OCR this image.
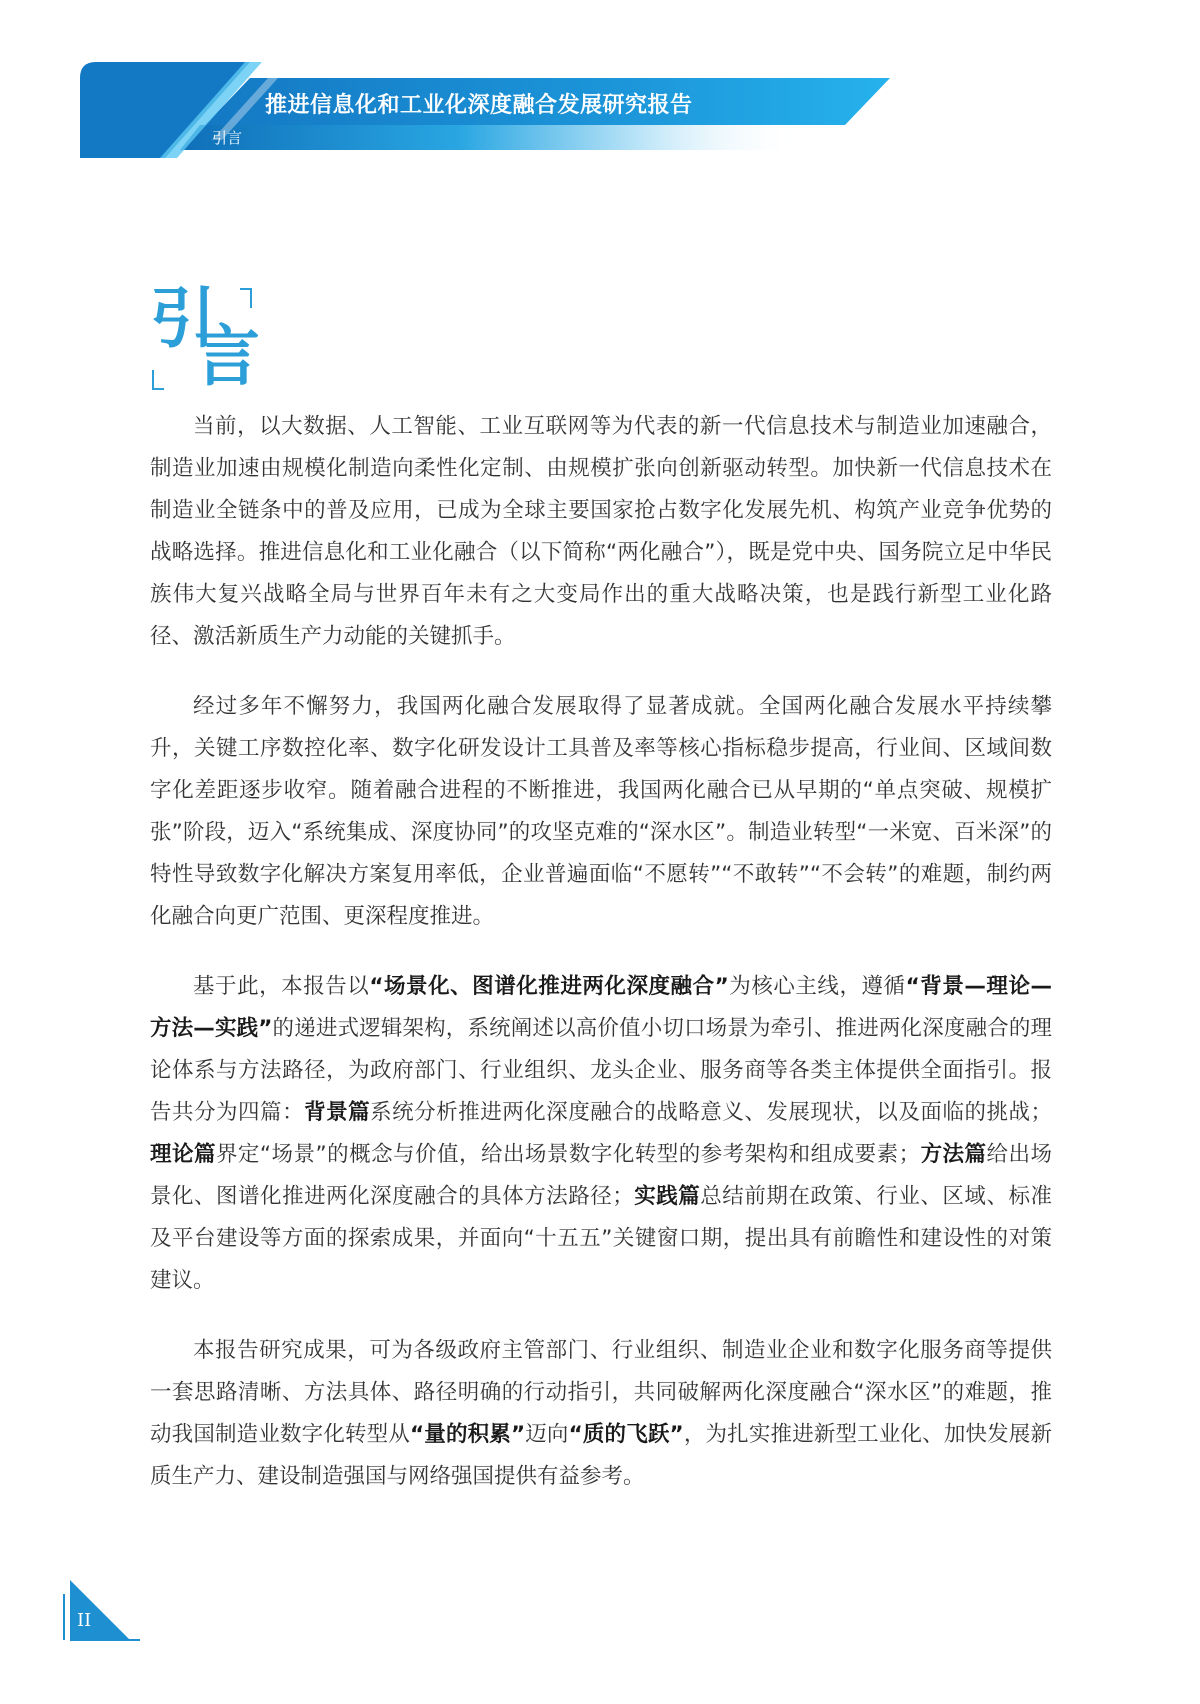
推进信息化和工业化深度融合发展研究报告
引言
引
言

当前，以大数据、人工智能、工业互联网等为代表的新一代信息技术与制造业加速融合，制造业加速由规模化制造向柔性化定制、由规模扩张向创新驱动转型。加快新一代信息技术在制造业全链条中的普及应用，已成为全球主要国家抢占数字化发展先机、构筑产业竞争优势的战略选择。推进信息化和工业化融合（以下简称“两化融合”），既是党中央、国务院立足中华民族伟大复兴战略全局与世界百年未有之大变局作出的重大战略决策，也是践行新型工业化路径、激活新质生产力动能的关键抓手。

经过多年不懈努力，我国两化融合发展取得了显著成就。全国两化融合发展水平持续攀升，关键工序数控化率、数字化研发设计工具普及率等核心指标稳步提高，行业间、区域间数字化差距逐步收窄。随着融合进程的不断推进，我国两化融合已从早期的“单点突破、规模扩张”阶段，迈入“系统集成、深度协同”的攻坚克难的“深水区”。制造业转型“一米宽、百米深”的特性导致数字化解决方案复用率低，企业普遍面临“不愿转”“不敢转”“不会转”的难题，制约两化融合向更广范围、更深程度推进。

基于此，本报告以“场景化、图谱化推进两化深度融合”为核心主线，遵循“背景—理论—方法—实践”的递进式逻辑架构，系统阐述以高价值小切口场景为牵引、推进两化深度融合的理论体系与方法路径，为政府部门、行业组织、龙头企业、服务商等各类主体提供全面指引。报告共分为四篇：背景篇系统分析推进两化深度融合的战略意义、发展现状，以及面临的挑战；理论篇界定“场景”的概念与价值，给出场景数字化转型的参考架构和组成要素；方法篇给出场景化、图谱化推进两化深度融合的具体方法路径；实践篇总结前期在政策、行业、区域、标准及平台建设等方面的探索成果，并面向“十五五”关键窗口期，提出具有前瞻性和建设性的对策建议。

本报告研究成果，可为各级政府主管部门、行业组织、制造业企业和数字化服务商等提供一套思路清晰、方法具体、路径明确的行动指引，共同破解两化深度融合“深水区”的难题，推动我国制造业数字化转型从“量的积累”迈向“质的飞跃”，为扎实推进新型工业化、加快发展新质生产力、建设制造强国与网络强国提供有益参考。

II
